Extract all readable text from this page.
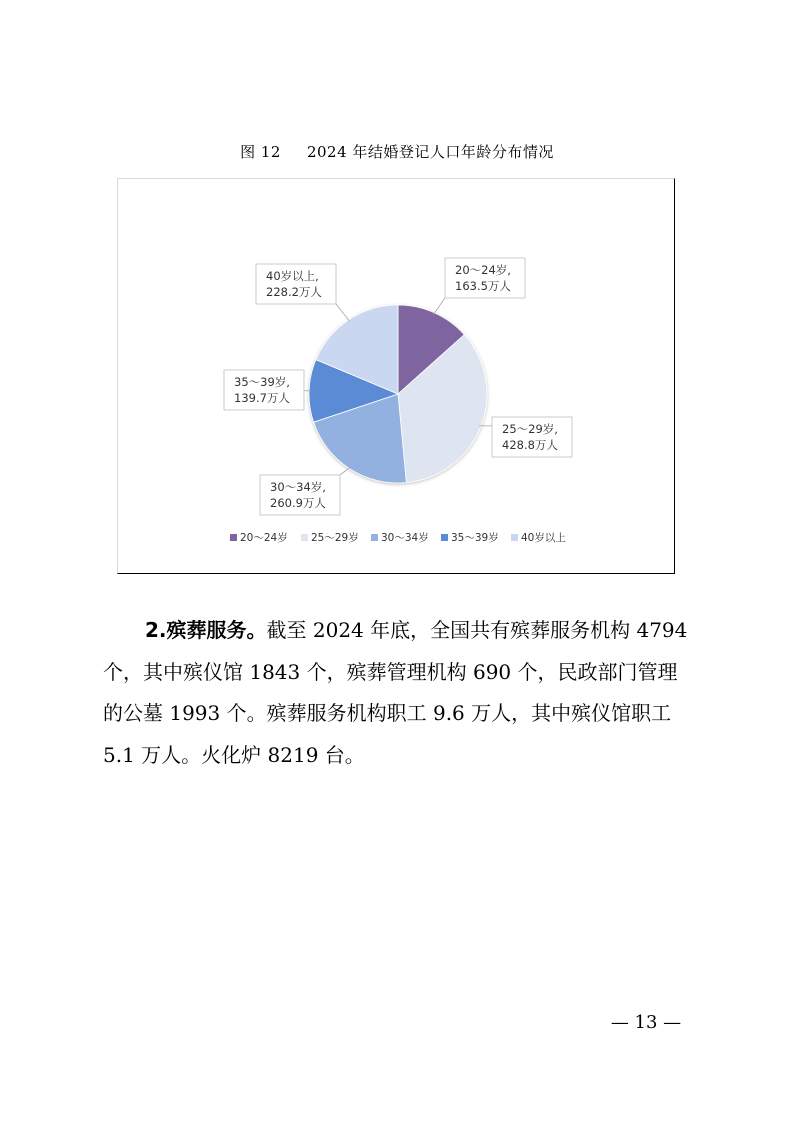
图 12 2024 年结婚登记人口年龄分布情况
20～24岁,
163.5万人
25～29岁,
428.8万人
30～34岁,
260.9万人
35～39岁,
139.7万人
40岁以上,
228.2万人
20～24岁 25～29岁 30～34岁 35～39岁 40岁以上
2.殡葬服务。截至 2024 年底，全国共有殡葬服务机构 4794
个，其中殡仪馆 1843 个，殡葬管理机构 690 个，民政部门管理
的公墓 1993 个。殡葬服务机构职工 9.6 万人，其中殡仪馆职工
5.1 万人。火化炉 8219 台。
— 13 —
